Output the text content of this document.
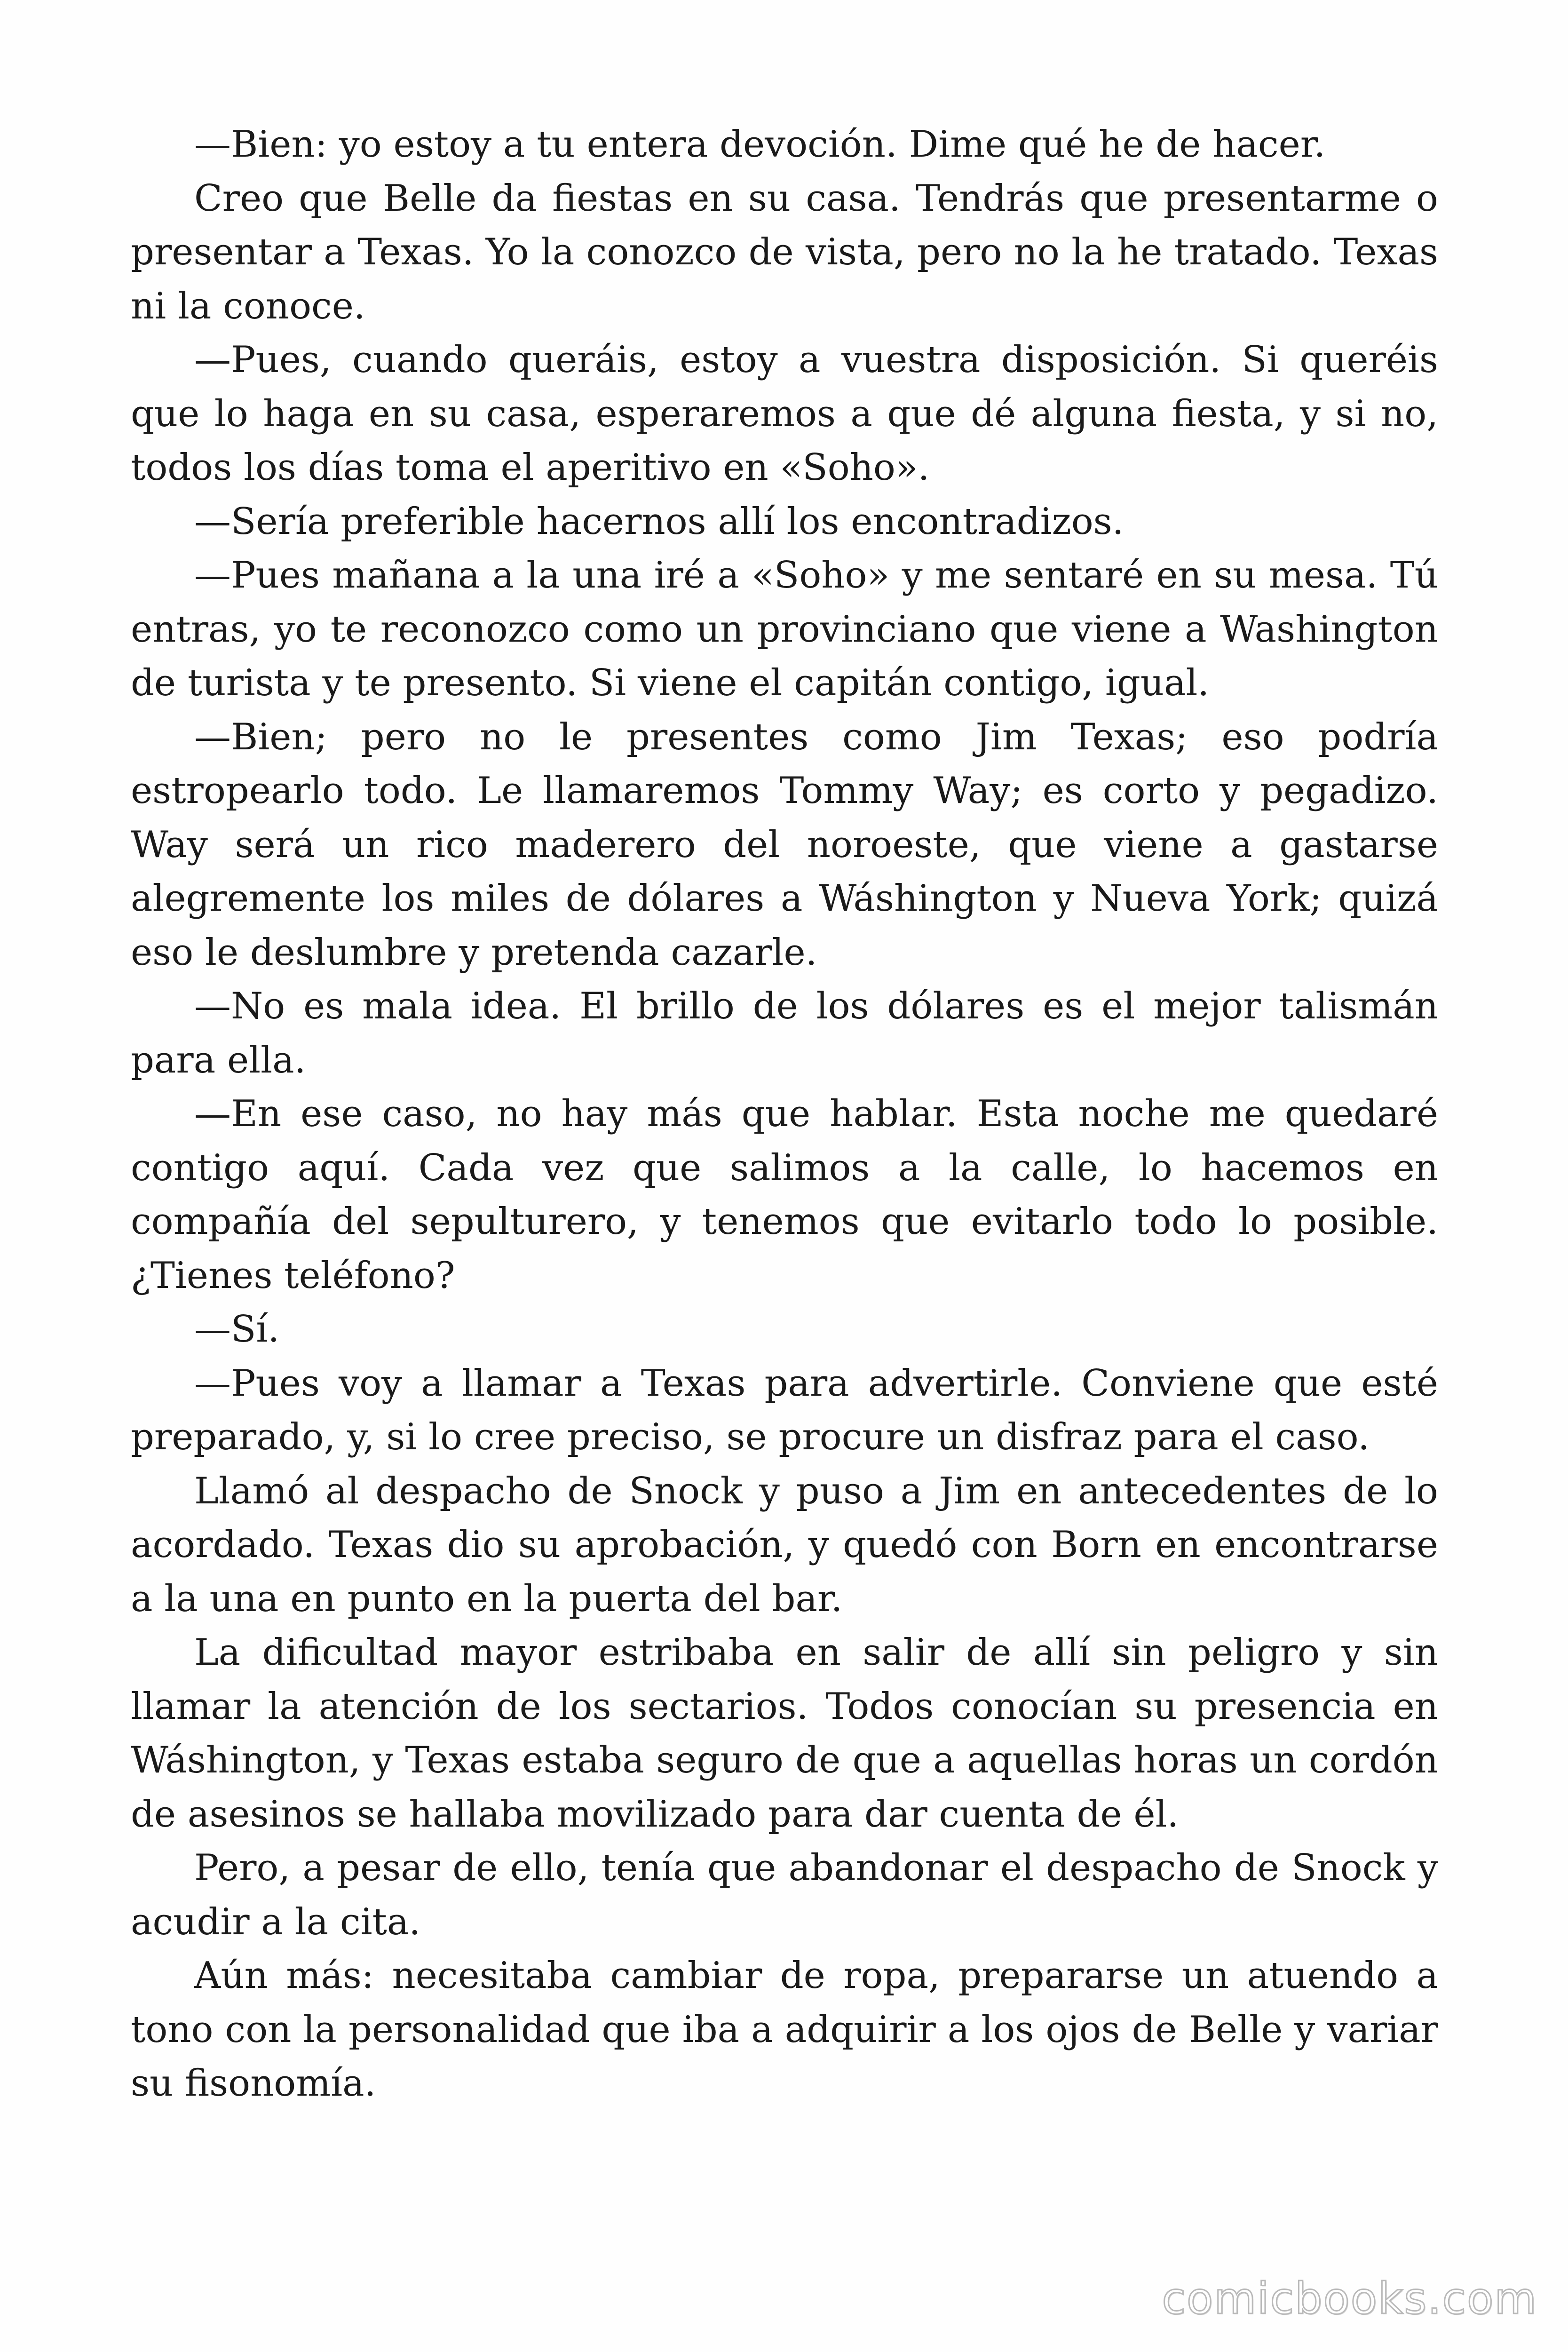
—Bien: yo estoy a tu entera devoción. Dime qué he de hacer.

Creo que Belle da fiestas en su casa. Tendrás que presentarme o presentar a Texas. Yo la conozco de vista, pero no la he tratado. Texas ni la conoce.

—Pues, cuando queráis, estoy a vuestra disposición. Si queréis que lo haga en su casa, esperaremos a que dé alguna fiesta, y si no, todos los días toma el aperitivo en «Soho».

—Sería preferible hacernos allí los encontradizos.

—Pues mañana a la una iré a «Soho» y me sentaré en su mesa. Tú entras, yo te reconozco como un provinciano que viene a Washington de turista y te presento. Si viene el capitán contigo, igual.

—Bien; pero no le presentes como Jim Texas; eso podría estropearlo todo. Le llamaremos Tommy Way; es corto y pegadizo. Way será un rico maderero del noroeste, que viene a gastarse alegremente los miles de dólares a Wáshington y Nueva York; quizá eso le deslumbre y pretenda cazarle.

—No es mala idea. El brillo de los dólares es el mejor talismán para ella.

—En ese caso, no hay más que hablar. Esta noche me quedaré contigo aquí. Cada vez que salimos a la calle, lo hacemos en compañía del sepulturero, y tenemos que evitarlo todo lo posible. ¿Tienes teléfono?

—Sí.

—Pues voy a llamar a Texas para advertirle. Conviene que esté preparado, y, si lo cree preciso, se procure un disfraz para el caso.

Llamó al despacho de Snock y puso a Jim en antecedentes de lo acordado. Texas dio su aprobación, y quedó con Born en encontrarse a la una en punto en la puerta del bar.

La dificultad mayor estribaba en salir de allí sin peligro y sin llamar la atención de los sectarios. Todos conocían su presencia en Wáshington, y Texas estaba seguro de que a aquellas horas un cordón de asesinos se hallaba movilizado para dar cuenta de él.

Pero, a pesar de ello, tenía que abandonar el despacho de Snock y acudir a la cita.

Aún más: necesitaba cambiar de ropa, prepararse un atuendo a tono con la personalidad que iba a adquirir a los ojos de Belle y variar su fisonomía.

comicbooks.com
